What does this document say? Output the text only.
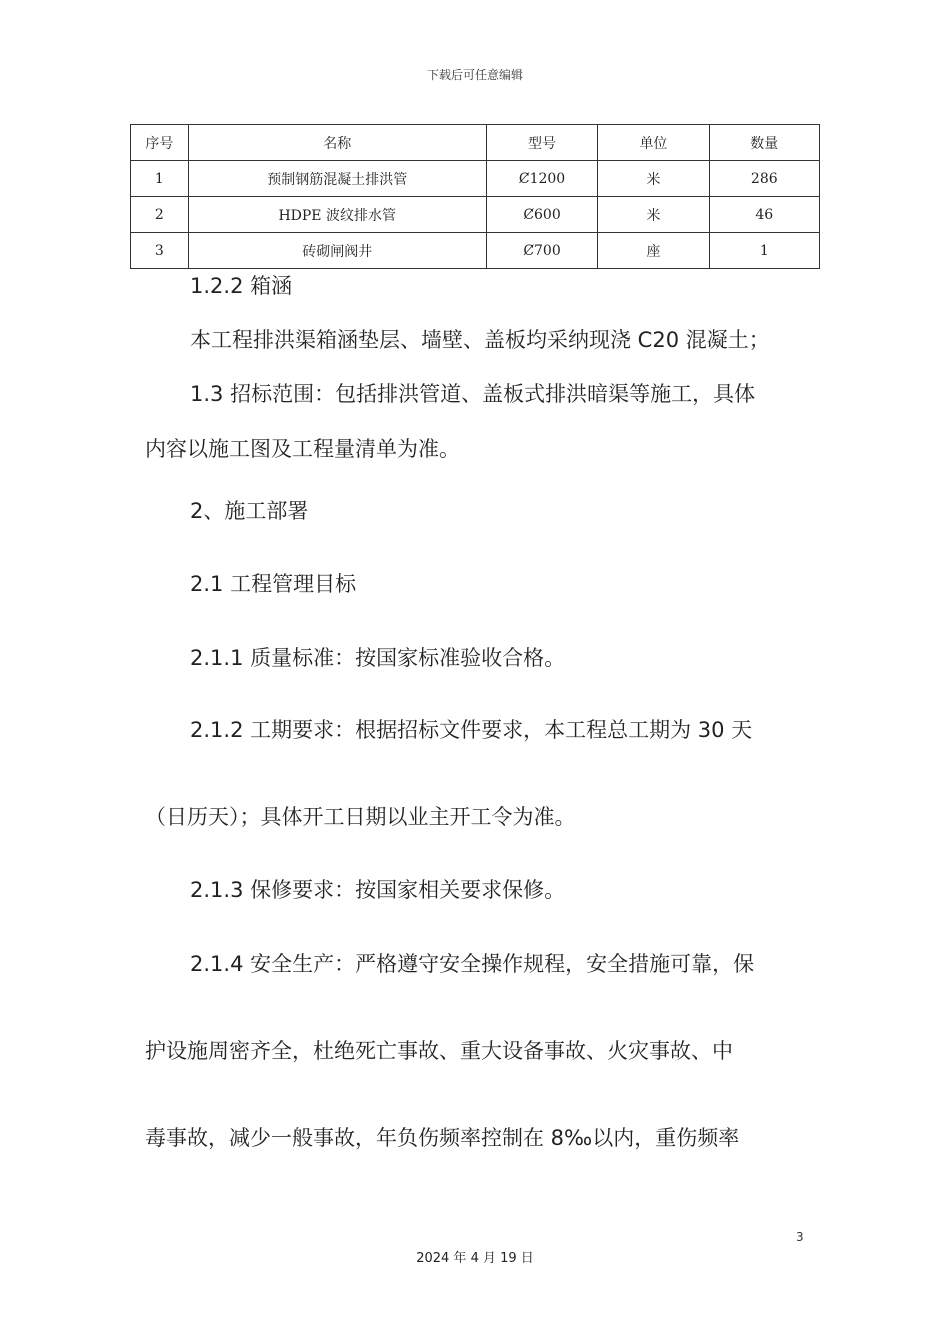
下载后可任意编辑
序号	名称	型号	单位	数量
1	预制钢筋混凝土排洪管	Ȼ1200	米	286
2	HDPE 波纹排水管	Ȼ600	米	46
3	砖砌闸阀井	Ȼ700	座	1
1.2.2 箱涵
本工程排洪渠箱涵垫层、墙壁、盖板均采纳现浇 C20 混凝土；
1.3 招标范围：包括排洪管道、盖板式排洪暗渠等施工，具体
内容以施工图及工程量清单为准。
2、施工部署
2.1 工程管理目标
2.1.1 质量标准：按国家标准验收合格。
2.1.2 工期要求：根据招标文件要求，本工程总工期为 30 天
（日历天）；具体开工日期以业主开工令为准。
2.1.3 保修要求：按国家相关要求保修。
2.1.4 安全生产：严格遵守安全操作规程，安全措施可靠，保
护设施周密齐全，杜绝死亡事故、重大设备事故、火灾事故、中
毒事故，减少一般事故，年负伤频率控制在 8‰以内，重伤频率
3
2024 年 4 月 19 日
